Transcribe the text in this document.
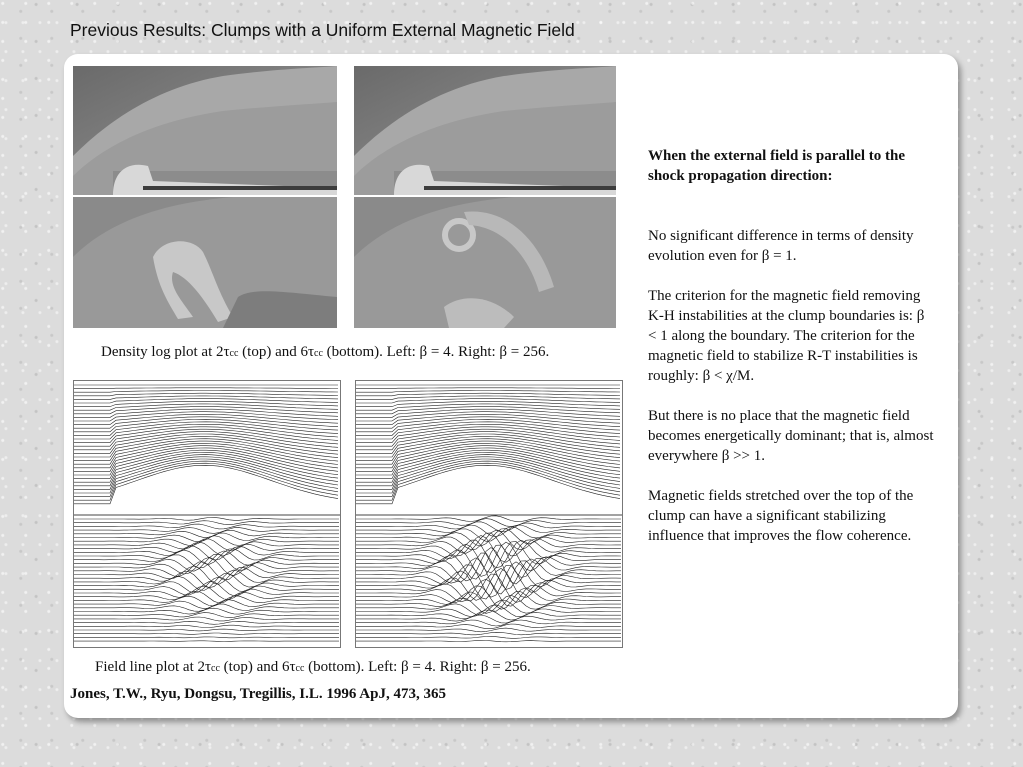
Previous Results: Clumps with a Uniform External Magnetic Field
Density log plot at 2τcc (top) and 6τcc (bottom). Left: β = 4. Right: β = 256.
Field line plot at 2τcc (top) and 6τcc (bottom). Left: β = 4. Right: β = 256.
Jones, T.W., Ryu, Dongsu, Tregillis, I.L. 1996 ApJ, 473, 365

When the external field is parallel to the shock propagation direction:

No significant difference in terms of density evolution even for β = 1.

The criterion for the magnetic field removing K-H instabilities at the clump boundaries is: β < 1 along the boundary. The criterion for the magnetic field to stabilize R-T instabilities is roughly: β < χ/M.

But there is no place that the magnetic field becomes energetically dominant; that is, almost everywhere β >> 1.

Magnetic fields stretched over the top of the clump can have a significant stabilizing influence that improves the flow coherence.
